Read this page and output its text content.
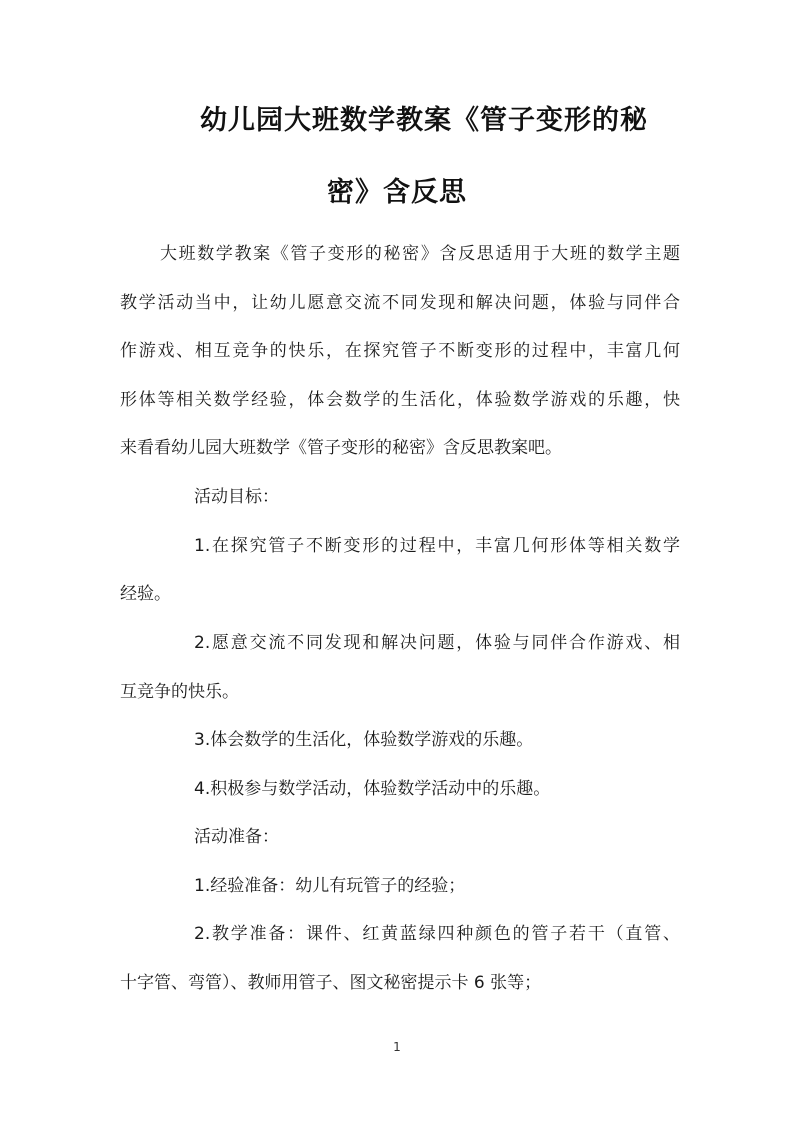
幼儿园大班数学教案《管子变形的秘
密》含反思
大班数学教案《管子变形的秘密》含反思适用于大班的数学主题
教学活动当中，让幼儿愿意交流不同发现和解决问题，体验与同伴合
作游戏、相互竞争的快乐，在探究管子不断变形的过程中，丰富几何
形体等相关数学经验，体会数学的生活化，体验数学游戏的乐趣，快
来看看幼儿园大班数学《管子变形的秘密》含反思教案吧。
活动目标：
1.在探究管子不断变形的过程中，丰富几何形体等相关数学
经验。
2.愿意交流不同发现和解决问题，体验与同伴合作游戏、相
互竞争的快乐。
3.体会数学的生活化，体验数学游戏的乐趣。
4.积极参与数学活动，体验数学活动中的乐趣。
活动准备：
1.经验准备：幼儿有玩管子的经验；
2.教学准备：课件、红黄蓝绿四种颜色的管子若干（直管、
十字管、弯管）、教师用管子、图文秘密提示卡 6 张等；
1
